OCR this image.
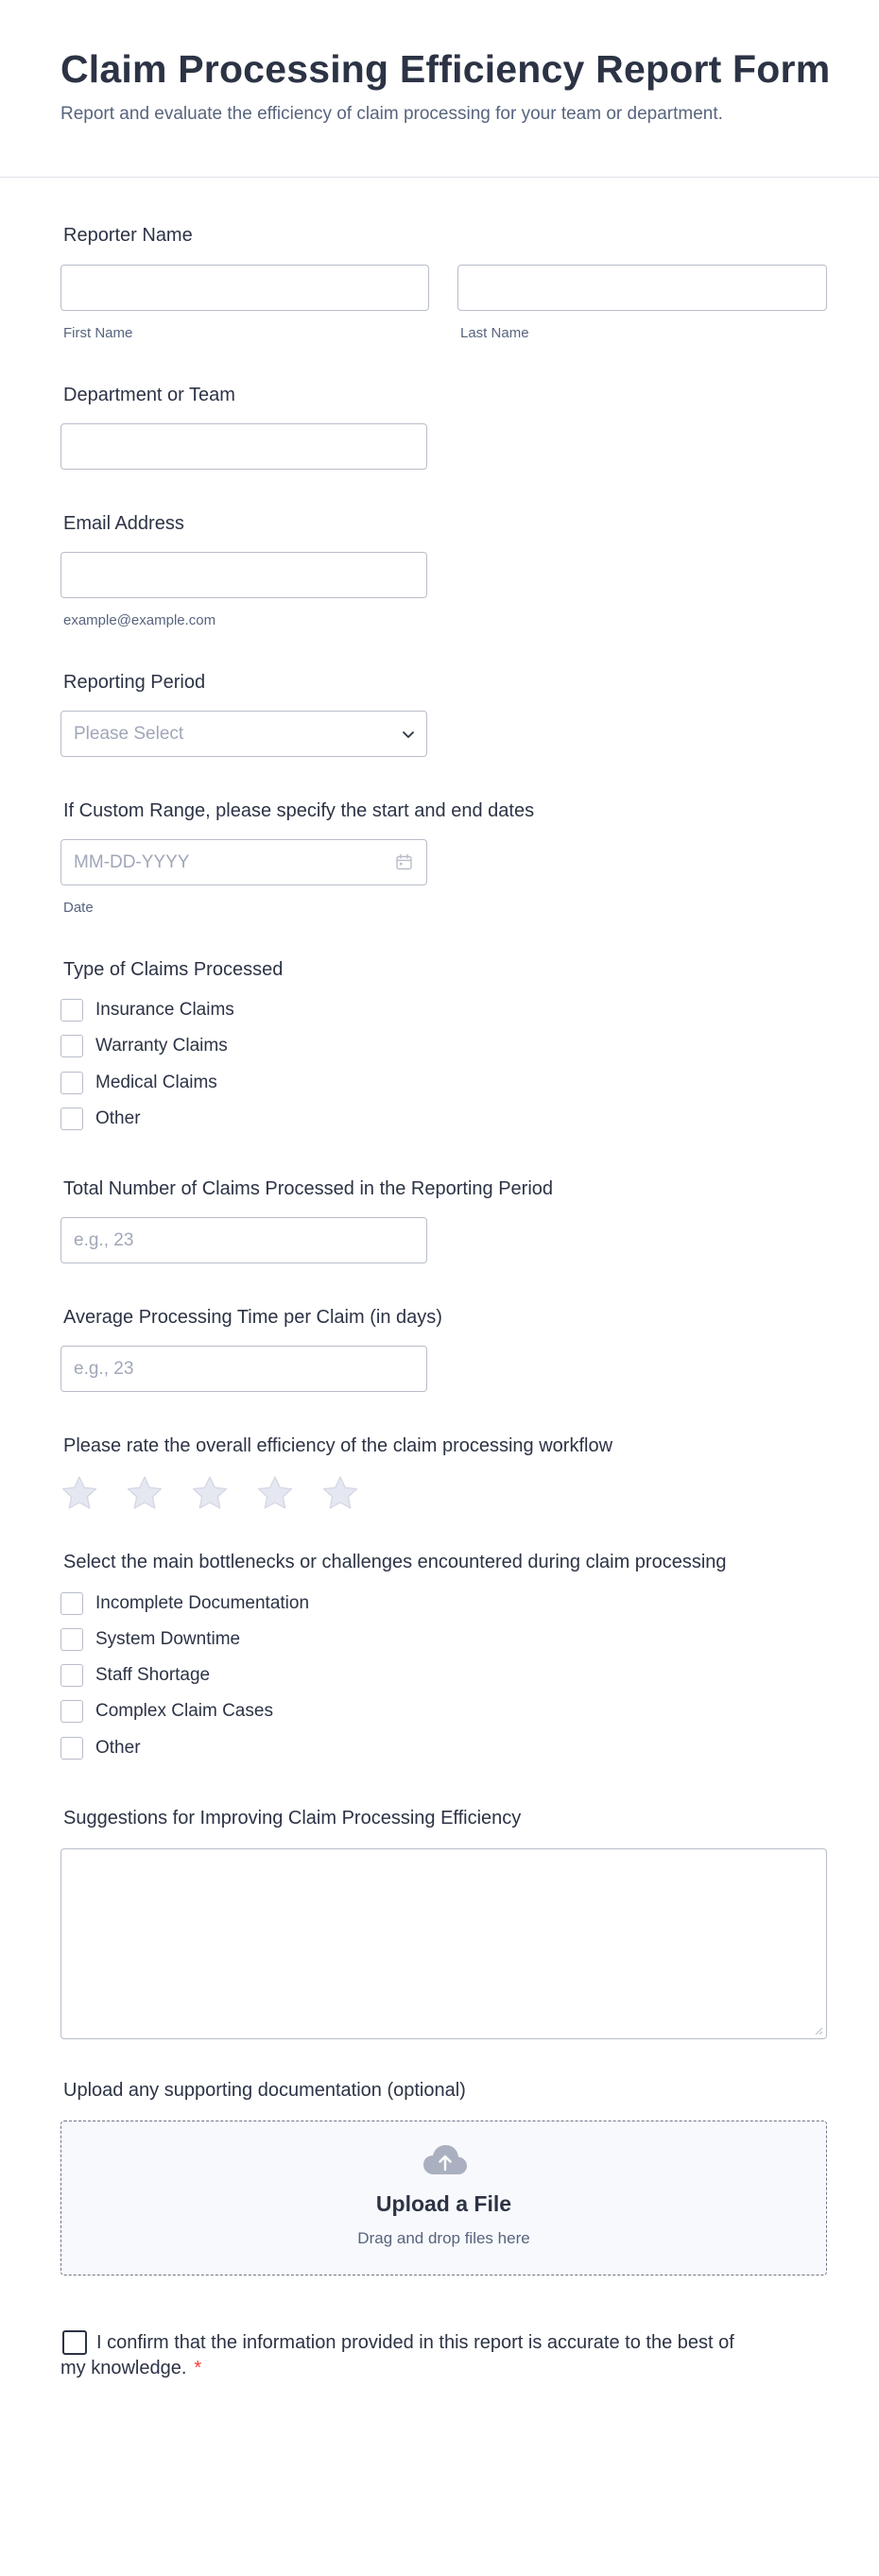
Claim Processing Efficiency Report Form
Report and evaluate the efficiency of claim processing for your team or department.
Reporter Name
First Name	Last Name
Department or Team
Email Address
example@example.com
Reporting Period
Please Select
If Custom Range, please specify the start and end dates
MM-DD-YYYY
Date
Type of Claims Processed
Insurance Claims
Warranty Claims
Medical Claims
Other
Total Number of Claims Processed in the Reporting Period
e.g., 23
Average Processing Time per Claim (in days)
e.g., 23
Please rate the overall efficiency of the claim processing workflow
Select the main bottlenecks or challenges encountered during claim processing
Incomplete Documentation
System Downtime
Staff Shortage
Complex Claim Cases
Other
Suggestions for Improving Claim Processing Efficiency
Upload any supporting documentation (optional)
Upload a File
Drag and drop files here
I confirm that the information provided in this report is accurate to the best of my knowledge. *
